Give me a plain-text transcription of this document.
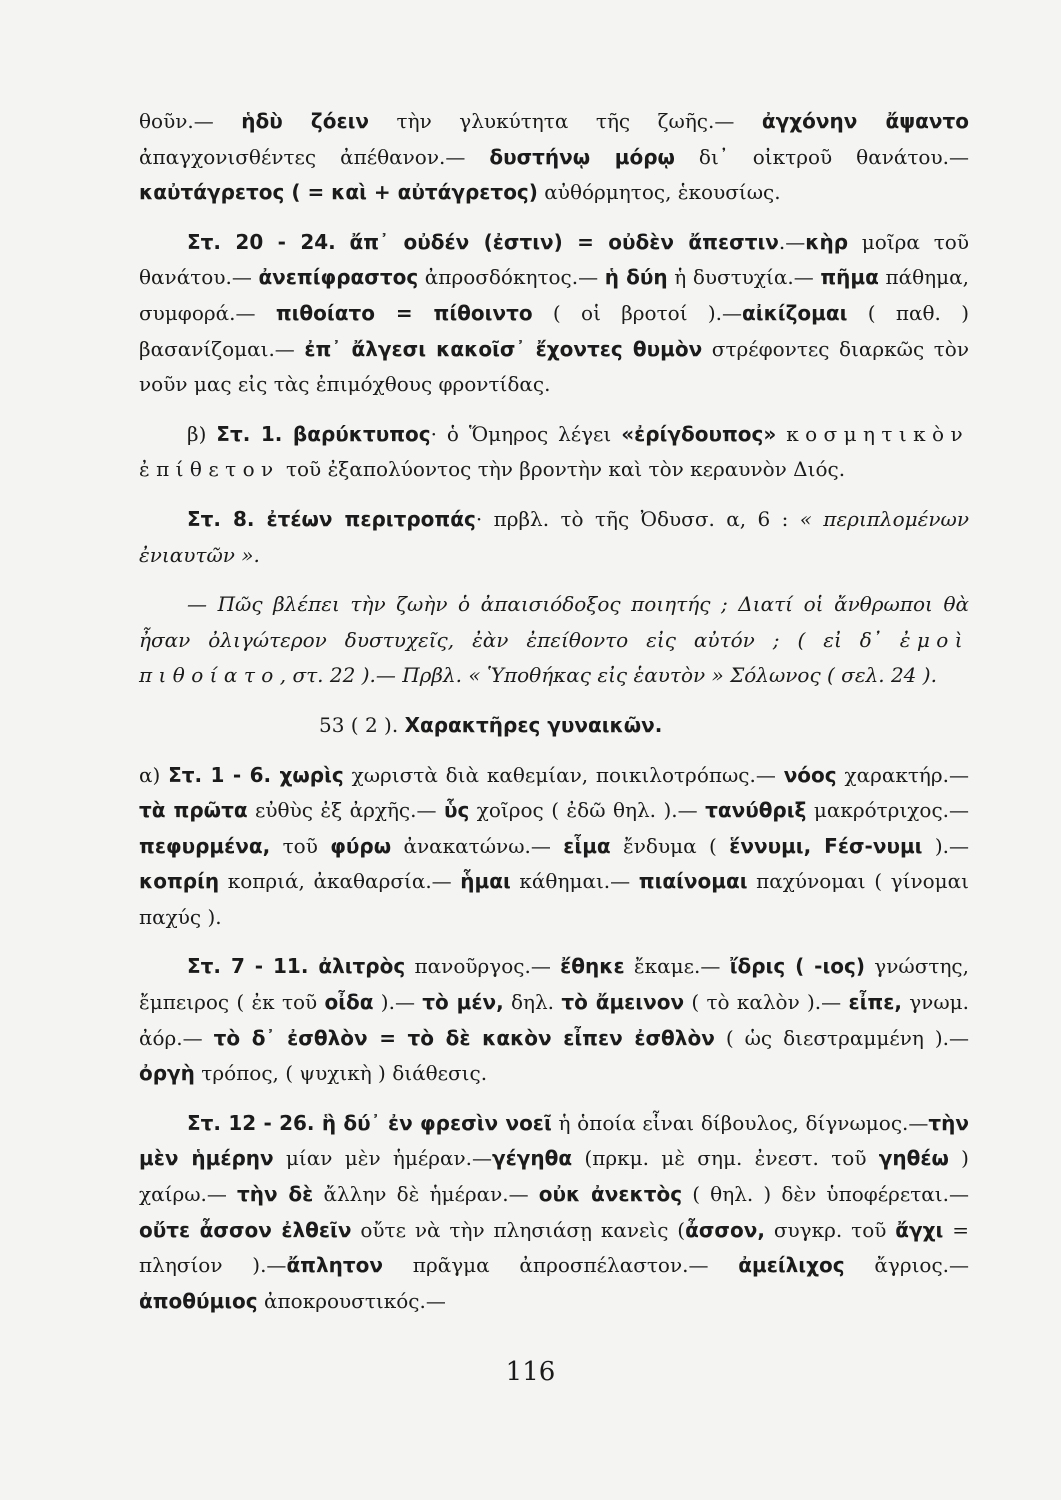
θοῦν.— ἡδὺ ζόειν τὴν γλυκύτητα τῆς ζωῆς.— ἀγχόνην ἄψαντο ἀπαγχονισθέντες ἀπέθανον.— δυστήνῳ μόρῳ δι᾽ οἰκτροῦ θανάτου.— καὐτάγρετος ( = καὶ + αὐτάγρετος) αὐθόρμητος, ἑκουσίως.

Στ. 20 - 24. ἄπ᾽ οὐδέν (ἐστιν) = οὐδὲν ἄπεστιν.—κὴρ μοῖρα τοῦ θανάτου.— ἀνεπίφραστος ἀπροσδόκητος.— ἡ δύη ἡ δυστυχία.— πῆμα πάθημα, συμφορά.— πιθοίατο = πίθοιντο ( οἱ βροτοί ).—αἰκίζομαι ( παθ. ) βασανίζομαι.— ἐπ᾽ ἄλγεσι κακοῖσ᾽ ἔχοντες θυμὸν στρέφοντες διαρκῶς τὸν νοῦν μας εἰς τὰς ἐπιμόχθους φροντίδας.

β) Στ. 1. βαρύκτυπος· ὁ Ὅμηρος λέγει «ἐρίγδουπος» κοσμητικὸν ἐπίθετον τοῦ ἐξαπολύοντος τὴν βροντὴν καὶ τὸν κεραυνὸν Διός.

Στ. 8. ἐτέων περιτροπάς· πρβλ. τὸ τῆς Ὀδυσσ. α, 6 : « περιπλομένων ἐνιαυτῶν ».

— Πῶς βλέπει τὴν ζωὴν ὁ ἀπαισιόδοξος ποιητής ; Διατί οἱ ἄνθρωποι θὰ ἦσαν ὀλιγώτερον δυστυχεῖς, ἐὰν ἐπείθοντο εἰς αὐτόν ; ( εἰ δ᾽ ἐμοὶ πιθοίατο, στ. 22 ).— Πρβλ. « Ὑποθήκας εἰς ἑαυτὸν » Σόλωνος ( σελ. 24 ).

53 ( 2 ). Χαρακτῆρες γυναικῶν.

α) Στ. 1 - 6. χωρὶς χωριστὰ διὰ καθεμίαν, ποικιλοτρόπως.— νόος χαρακτήρ.— τὰ πρῶτα εὐθὺς ἐξ ἀρχῆς.— ὗς χοῖρος ( ἐδῶ θηλ. ).— τανύθριξ μακρότριχος.— πεφυρμένα, τοῦ φύρω ἀνακατώνω.— εἷμα ἔνδυμα ( ἕννυμι, Ϝέσ-νυμι ).— κοπρίη κοπριά, ἀκαθαρσία.— ἧμαι κάθημαι.— πιαίνομαι παχύνομαι ( γίνομαι παχύς ).

Στ. 7 - 11. ἀλιτρὸς πανοῦργος.— ἔθηκε ἔκαμε.— ἴδρις ( -ιος) γνώστης, ἔμπειρος ( ἐκ τοῦ οἶδα ).— τὸ μέν, δηλ. τὸ ἄμεινον ( τὸ καλὸν ).— εἶπε, γνωμ. ἀόρ.— τὸ δ᾽ ἐσθλὸν = τὸ δὲ κακὸν εἶπεν ἐσθλὸν ( ὡς διεστραμμένη ).— ὀργὴ τρόπος, ( ψυχικὴ ) διάθεσις.

Στ. 12 - 26. ἣ δύ᾽ ἐν φρεσὶν νοεῖ ἡ ὁποία εἶναι δίβουλος, δίγνωμος.—τὴν μὲν ἡμέρην μίαν μὲν ἡμέραν.—γέγηθα (πρκμ. μὲ σημ. ἐνεστ. τοῦ γηθέω ) χαίρω.— τὴν δὲ ἄλλην δὲ ἡμέραν.— οὐκ ἀνεκτὸς ( θηλ. ) δὲν ὑποφέρεται.—οὔτε ἆσσον ἐλθεῖν οὔτε νὰ τὴν πλησιάσῃ κανεὶς (ἆσσον, συγκρ. τοῦ ἄγχι = πλησίον ).—ἄπλητον πρᾶγμα ἀπροσπέλαστον.— ἀμείλιχος ἄγριος.— ἀποθύμιος ἀποκρουστικός.—

116
